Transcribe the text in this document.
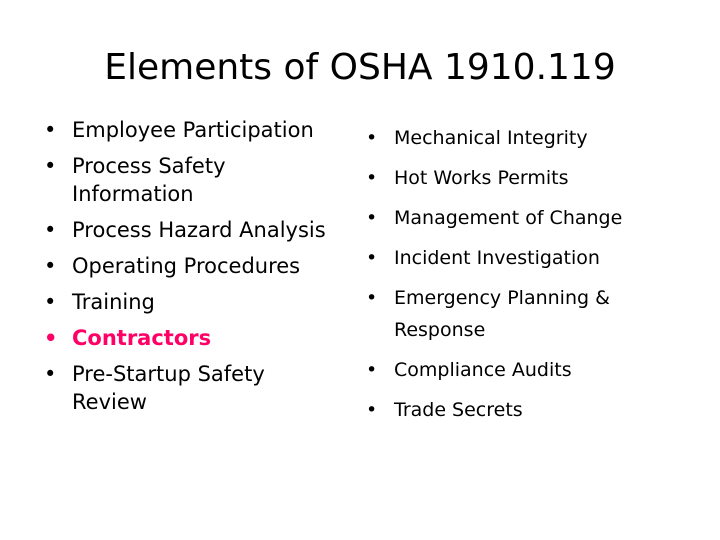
Elements of OSHA 1910.119
• Employee Participation
• Process Safety Information
• Process Hazard Analysis
• Operating Procedures
• Training
• Contractors
• Pre-Startup Safety Review
• Mechanical Integrity
• Hot Works Permits
• Management of Change
• Incident Investigation
• Emergency Planning & Response
• Compliance Audits
• Trade Secrets
